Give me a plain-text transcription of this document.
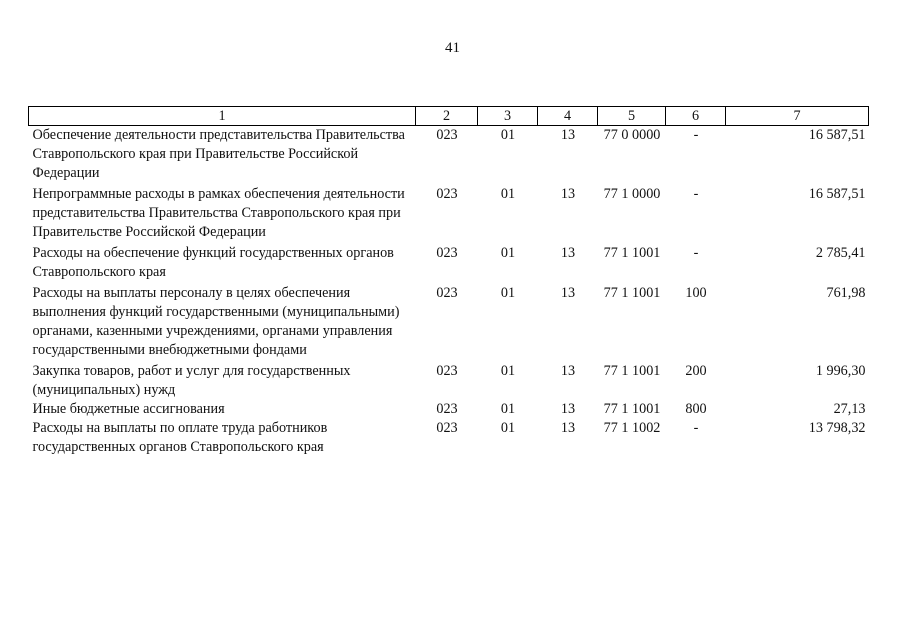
41
1	2	3	4	5	6	7
Обеспечение деятельности представительства Правительства Ставропольского края при Правительстве Российской Федерации	023	01	13	77 0 0000	-	16 587,51
Непрограммные расходы в рамках обеспечения деятельности представительства Правительства Ставропольского края при Правительстве Российской Федерации	023	01	13	77 1 0000	-	16 587,51
Расходы на обеспечение функций государственных органов Ставропольского края	023	01	13	77 1 1001	-	2 785,41
Расходы на выплаты персоналу в целях обеспечения выполнения функций государственными (муниципальными) органами, казенными учреждениями, органами управления государственными внебюджетными фондами	023	01	13	77 1 1001	100	761,98
Закупка товаров, работ и услуг для государственных (муниципальных) нужд	023	01	13	77 1 1001	200	1 996,30
Иные бюджетные ассигнования	023	01	13	77 1 1001	800	27,13
Расходы на выплаты по оплате труда работников государственных органов Ставропольского края	023	01	13	77 1 1002	-	13 798,32
